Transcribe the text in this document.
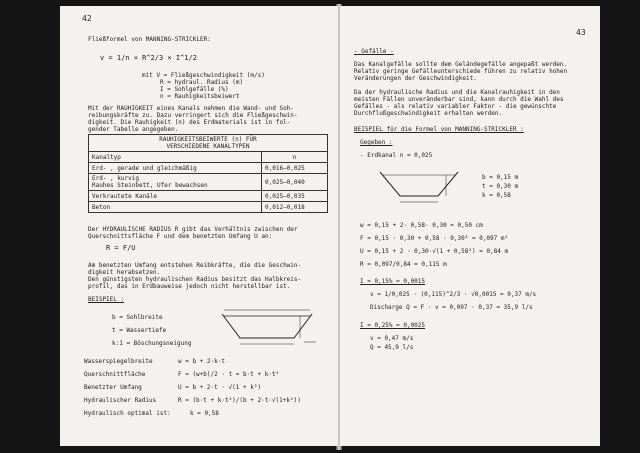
42
Fließformel von MANNING-STRICKLER:
v = 1/n × R^2/3 × I^1/2
mit V = Fließgeschwindigkeit (m/s)
R = hydraul. Radius (m)
I = Sohlgefälle (%)
n = Rauhigkeitsbeiwert
Mit der RAUHIGKEIT eines Kanals nehmen die Wand- und Soh-
reibungskräfte zu. Dazu verringert sich die Fließgeschwin-
digkeit. Die Rauhigkeit (n) des Erdmaterials ist in fol-
gender Tabelle angegeben.
RAUHIGKEITSBEIWERTE (n) FÜR
VERSCHIEDENE KANALTYPEN	
Kanaltyp	n
Erd- , gerade und gleichmäßig	0,016—0,025
Erd- , kurvig
Rauhes Steinbett, Ufer bewachsen	0,025—0,040
Verkrautete Kanäle	0,025—0,035
Beton	0,012—0,018
Der HYDRAULISCHE RADIUS R gibt das Verhältnis zwischen der
Querschnittsfläche F und dem benetzten Umfang U an:
R = F/U
Am benetzten Umfang entstehen Reibkräfte, die die Geschwin-
digkeit herabsetzen.
Den günstigsten hydraulischen Radius besitzt das Halbkreis-
profil, das in Erdbauweise jedoch nicht herstellbar ist.
BEISPIEL :
b = Sohlbreite
t = Wassertiefe
k:1 = Böschungsneigung
Wasserspiegelbreite	w = b + 2·k·t
Querschnittfläche	F = (w+b)/2 · t = b·t + k·t²
Benetzter Umfang	U = b + 2·t · √(1 + k²)
Hydraulischer Radius	R = (b·t + k·t²)/(b + 2·t·√(1+k²))
Hydraulisch optimal ist:	k = 0,58
43
- Gefälle -
Das Kanalgefälle sollte dem Geländegefälle angepaßt werden.
Relativ geringe Gefälleunterschiede führen zu relativ hohen
Veränderungen der Geschwindigkeit.
Da der hydraulische Radius und die Kanalrauhigkeit in den
meisten Fällen unveränderbar sind, kann durch die Wahl des
Gefälles - als relativ variabler Faktor - die gewünschte
Durchflußgeschwindigkeit erhalten werden.
BEISPIEL für die Formel von MANNING-STRICKLER :
Gegeben :
- Erdkanal n = 0,025
b = 0,15 m
t = 0,30 m
k = 0,58
w = 0,15 + 2· 0,58· 0,30 = 0,50 cm
F = 0,15 · 0,30 + 0,58 · 0,30² = 0,097 m²
U = 0,15 + 2 · 0,30·√(1 + 0,58²) = 0,84 m
R = 0,097/0,84 = 0,115 m
I = 0,15% = 0,0015
v = 1/0,025 · (0,115)^2/3 · √0,0015 = 0,37 m/s
Discharge Q = F · v = 0,097 · 0,37 = 35,9 l/s
I = 0,25% = 0,0025
v = 0,47 m/s
Q = 45,9 l/s
